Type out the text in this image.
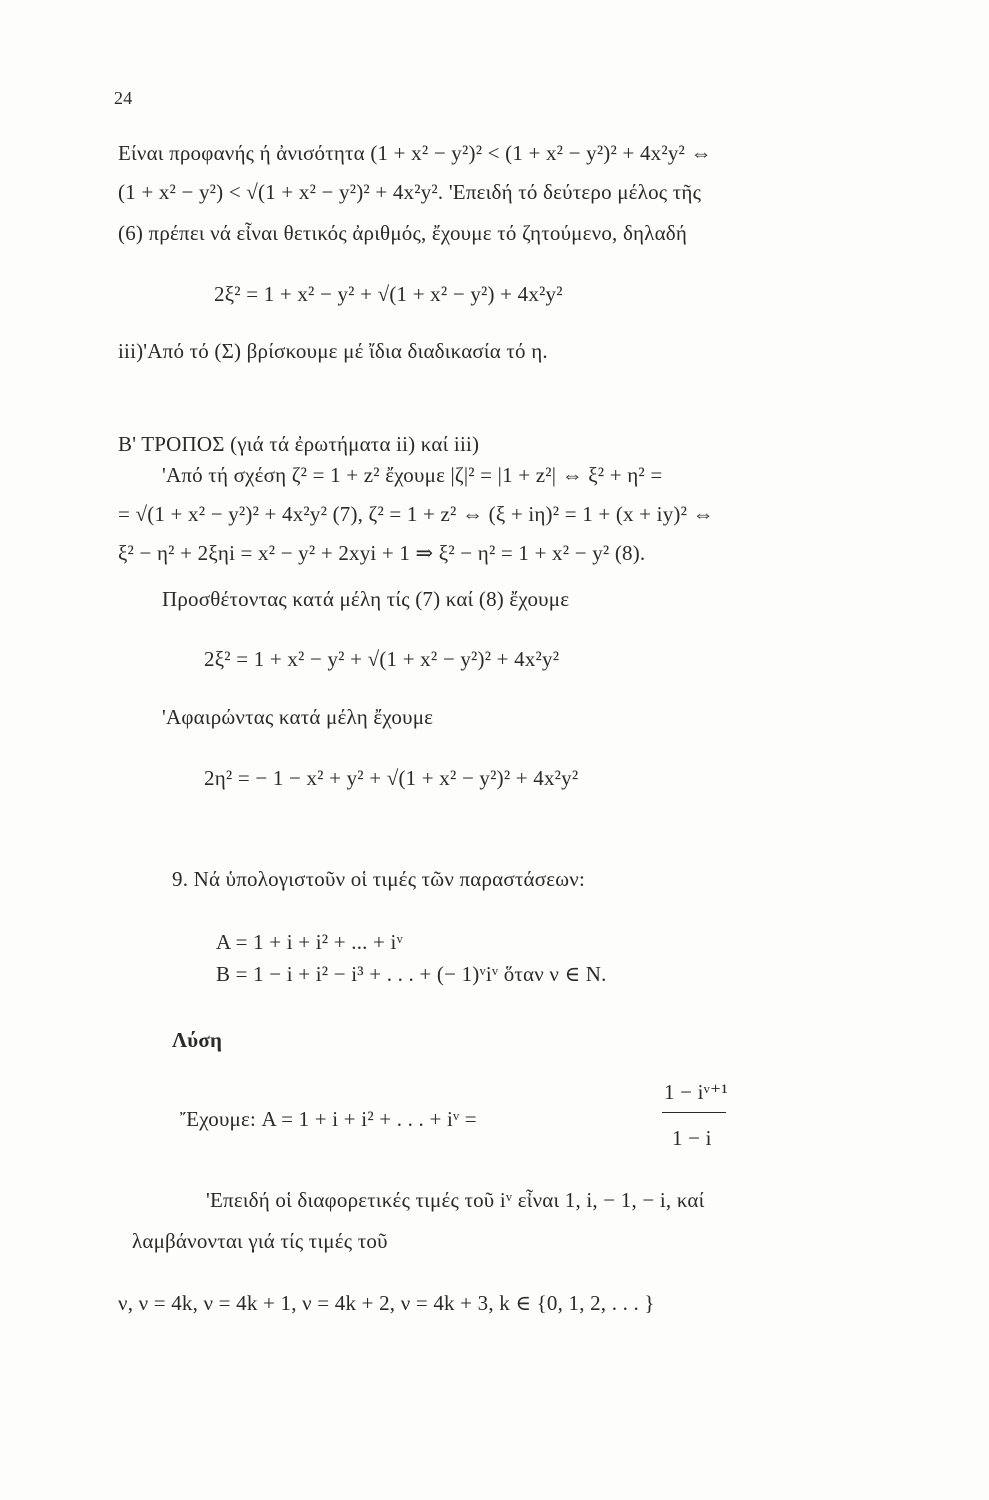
24
Είναι προφανής ή ἀνισότητα (1 + x² − y²)² < (1 + x² − y²)² + 4x²y² ⇔
(1 + x² − y²) < √(1 + x² − y²)² + 4x²y². 'Επειδή τό δεύτερο μέλος τῆς
(6) πρέπει νά εἶναι θετικός ἀριθμός, ἔχουμε τό ζητούμενο, δηλαδή
2ξ² = 1 + x² − y² + √(1 + x² − y²) + 4x²y²
iii)'Από τό (Σ) βρίσκουμε μέ ἴδια διαδικασία τό η.
Β' ΤΡΟΠΟΣ (γιά τά ἐρωτήματα ii) καί iii)
'Από τή σχέση ζ² = 1 + z² ἔχουμε |ζ|² = |1 + z²| ⇔ ξ² + η² =
= √(1 + x² − y²)² + 4x²y² (7), ζ² = 1 + z² ⇔ (ξ + iη)² = 1 + (x + iy)² ⇔
ξ² − η² + 2ξηi = x² − y² + 2xyi + 1 ⇒ ξ² − η² = 1 + x² − y² (8).
Προσθέτοντας κατά μέλη τίς (7) καί (8) ἔχουμε
2ξ² = 1 + x² − y² + √(1 + x² − y²)² + 4x²y²
'Αφαιρώντας κατά μέλη ἔχουμε
2η² = − 1 − x² + y² + √(1 + x² − y²)² + 4x²y²
9. Νά ὑπολογιστοῦν οἱ τιμές τῶν παραστάσεων:
A = 1 + i + i² + ... + iᵛ
B = 1 − i + i² − i³ + . . . + (− 1)ᵛiᵛ ὅταν ν ∈ Ν.
Λύση
Ἔχουμε: A = 1 + i + i² + . . . + iᵛ =
1 − iᵛ⁺¹
1 − i
'Επειδή οἱ διαφορετικές τιμές τοῦ iᵛ εἶναι 1, i, − 1, − i, καί
λαμβάνονται γιά τίς τιμές τοῦ
ν, ν = 4k, ν = 4k + 1, ν = 4k + 2, ν = 4k + 3, k ∈ {0, 1, 2, . . . }
